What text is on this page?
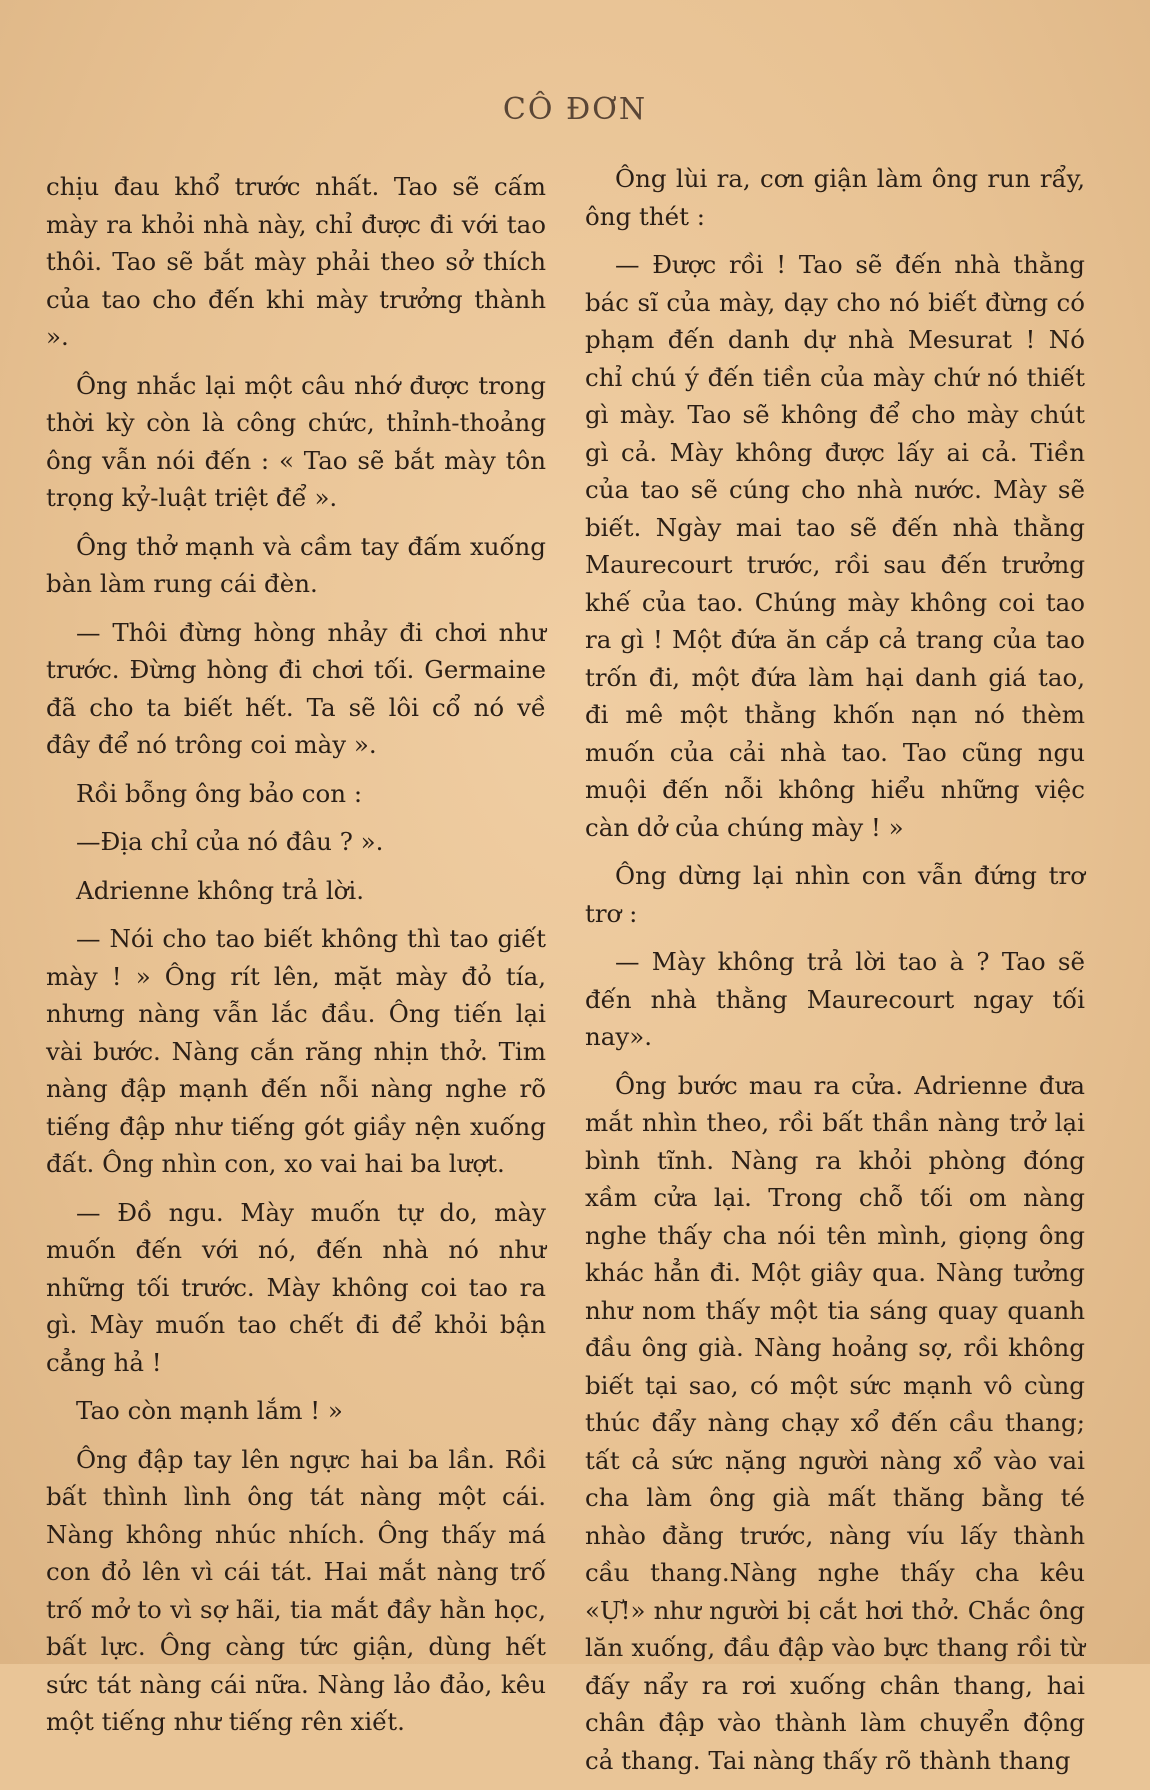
CÔ ĐƠN

chịu đau khổ trước nhất. Tao sẽ cấm mày ra khỏi nhà này, chỉ được đi với tao thôi. Tao sẽ bắt mày phải theo sở thích của tao cho đến khi mày trưởng thành ».

Ông nhắc lại một câu nhớ được trong thời kỳ còn là công chức, thỉnh-thoảng ông vẫn nói đến : « Tao sẽ bắt mày tôn trọng kỷ-luật triệt để ».

Ông thở mạnh và cầm tay đấm xuống bàn làm rung cái đèn.

— Thôi đừng hòng nhảy đi chơi như trước. Đừng hòng đi chơi tối. Germaine đã cho ta biết hết. Ta sẽ lôi cổ nó về đây để nó trông coi mày ».

Rồi bỗng ông bảo con :

—Địa chỉ của nó đâu ? ».

Adrienne không trả lời.

— Nói cho tao biết không thì tao giết mày ! » Ông rít lên, mặt mày đỏ tía, nhưng nàng vẫn lắc đầu. Ông tiến lại vài bước. Nàng cắn răng nhịn thở. Tim nàng đập mạnh đến nỗi nàng nghe rõ tiếng đập như tiếng gót giầy nện xuống đất. Ông nhìn con, xo vai hai ba lượt.

— Đồ ngu. Mày muốn tự do, mày muốn đến với nó, đến nhà nó như những tối trước. Mày không coi tao ra gì. Mày muốn tao chết đi để khỏi bận cẳng hả !

Tao còn mạnh lắm ! »

Ông đập tay lên ngực hai ba lần. Rồi bất thình lình ông tát nàng một cái. Nàng không nhúc nhích. Ông thấy má con đỏ lên vì cái tát. Hai mắt nàng trố trố mở to vì sợ hãi, tia mắt đầy hằn học, bất lực. Ông càng tức giận, dùng hết sức tát nàng cái nữa. Nàng lảo đảo, kêu một tiếng như tiếng rên xiết.

Ông lùi ra, cơn giận làm ông run rẩy, ông thét :

— Được rồi ! Tao sẽ đến nhà thằng bác sĩ của mày, dạy cho nó biết đừng có phạm đến danh dự nhà Mesurat ! Nó chỉ chú ý đến tiền của mày chứ nó thiết gì mày. Tao sẽ không để cho mày chút gì cả. Mày không được lấy ai cả. Tiền của tao sẽ cúng cho nhà nước. Mày sẽ biết. Ngày mai tao sẽ đến nhà thằng Maurecourt trước, rồi sau đến trưởng khế của tao. Chúng mày không coi tao ra gì ! Một đứa ăn cắp cả trang của tao trốn đi, một đứa làm hại danh giá tao, đi mê một thằng khốn nạn nó thèm muốn của cải nhà tao. Tao cũng ngu muội đến nỗi không hiểu những việc càn dở của chúng mày ! »

Ông dừng lại nhìn con vẫn đứng trơ trơ :

— Mày không trả lời tao à ? Tao sẽ đến nhà thằng Maurecourt ngay tối nay».

Ông bước mau ra cửa. Adrienne đưa mắt nhìn theo, rồi bất thần nàng trở lại bình tĩnh. Nàng ra khỏi phòng đóng xầm cửa lại. Trong chỗ tối om nàng nghe thấy cha nói tên mình, giọng ông khác hẳn đi. Một giây qua. Nàng tưởng như nom thấy một tia sáng quay quanh đầu ông già. Nàng hoảng sợ, rồi không biết tại sao, có một sức mạnh vô cùng thúc đẩy nàng chạy xổ đến cầu thang; tất cả sức nặng người nàng xổ vào vai cha làm ông già mất thăng bằng té nhào đằng trước, nàng víu lấy thành cầu thang.Nàng nghe thấy cha kêu «Ự!» như người bị cắt hơi thở. Chắc ông lăn xuống, đầu đập vào bực thang rồi từ đấy nẩy ra rơi xuống chân thang, hai chân đập vào thành làm chuyển động cả thang. Tai nàng thấy rõ thành thang
